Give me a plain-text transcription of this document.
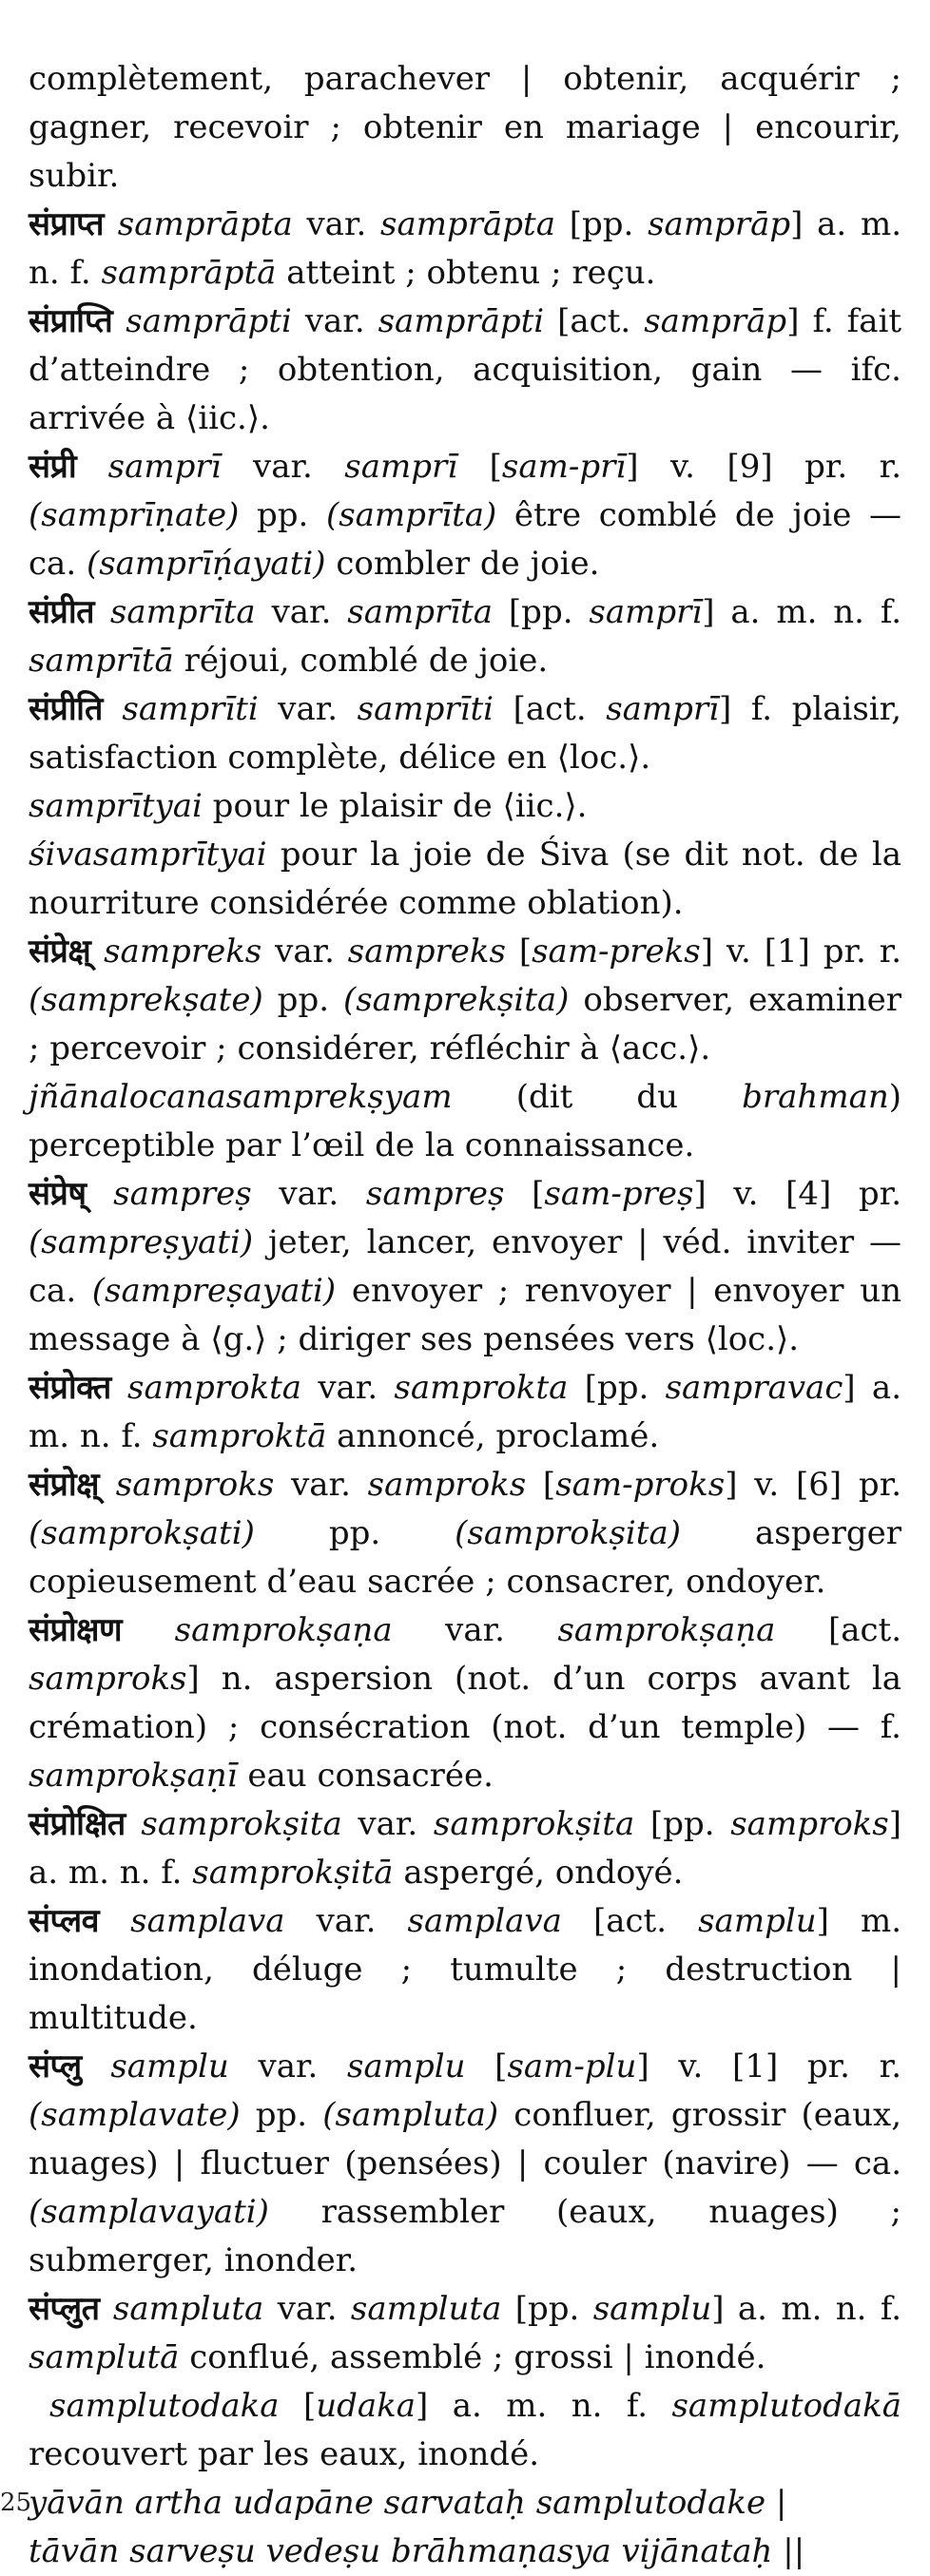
complètement, parachever | obtenir, acquérir ; gagner, recevoir ; obtenir en mariage | encourir, subir.

संप्राप्त samprāpta var. samprāpta [pp. samprāp] a. m. n. f. samprāptā atteint ; obtenu ; reçu.

संप्राप्ति samprāpti var. samprāpti [act. samprāp] f. fait d’atteindre ; obtention, acquisition, gain — ifc. arrivée à ⟨iic.⟩.

संप्री samprī var. samprī [sam-prī] v. [9] pr. r. (samprīṇate) pp. (samprīta) être comblé de joie — ca. (samprīṇ́ayati) combler de joie.

संप्रीत samprīta var. samprīta [pp. samprī] a. m. n. f. samprītā réjoui, comblé de joie.

संप्रीति samprīti var. samprīti [act. samprī] f. plaisir, satisfaction complète, délice en ⟨loc.⟩.

samprītyai pour le plaisir de ⟨iic.⟩.

śivasamprītyai pour la joie de Śiva (se dit not. de la nourriture considérée comme oblation).

संप्रेक्ष् sampreks var. sampreks [sam-preks] v. [1] pr. r. (samprekṣate) pp. (samprekṣita) observer, examiner ; percevoir ; considérer, réfléchir à ⟨acc.⟩.

jñānalocanasamprekṣyam (dit du brahman) perceptible par l’œil de la connaissance.

संप्रेष् sampreṣ var. sampreṣ [sam-preṣ] v. [4] pr. (sampreṣyati) jeter, lancer, envoyer | véd. inviter — ca. (sampreṣayati) envoyer ; renvoyer | envoyer un message à ⟨g.⟩ ; diriger ses pensées vers ⟨loc.⟩.

संप्रोक्त samprokta var. samprokta [pp. sampravac] a. m. n. f. samproktā annoncé, proclamé.

संप्रोक्ष् samproks var. samproks [sam-proks] v. [6] pr. (samprokṣati) pp. (samprokṣita) asperger copieusement d’eau sacrée ; consacrer, ondoyer.

संप्रोक्षण samprokṣaṇa var. samprokṣaṇa [act. samproks] n. aspersion (not. d’un corps avant la crémation) ; consécration (not. d’un temple) — f. samprokṣaṇī eau consacrée.

संप्रोक्षित samprokṣita var. samprokṣita [pp. samproks] a. m. n. f. samprokṣitā aspergé, ondoyé.

संप्लव samplava var. samplava [act. samplu] m. inondation, déluge ; tumulte ; destruction | multitude.

संप्लु samplu var. samplu [sam-plu] v. [1] pr. r. (samplavate) pp. (sampluta) confluer, grossir (eaux, nuages) | fluctuer (pensées) | couler (navire) — ca. (samplavayati) rassembler (eaux, nuages) ; submerger, inonder.

संप्लुत sampluta var. sampluta [pp. samplu] a. m. n. f. samplutā conflué, assemblé ; grossi | inondé.

samplutodaka [udaka] a. m. n. f. samplutodakā recouvert par les eaux, inondé.

yāvān artha udapāne sarvataḥ samplutodake |

tāvān sarveṣu vedeṣu brāhmaṇasya vijānataḥ ||

25
